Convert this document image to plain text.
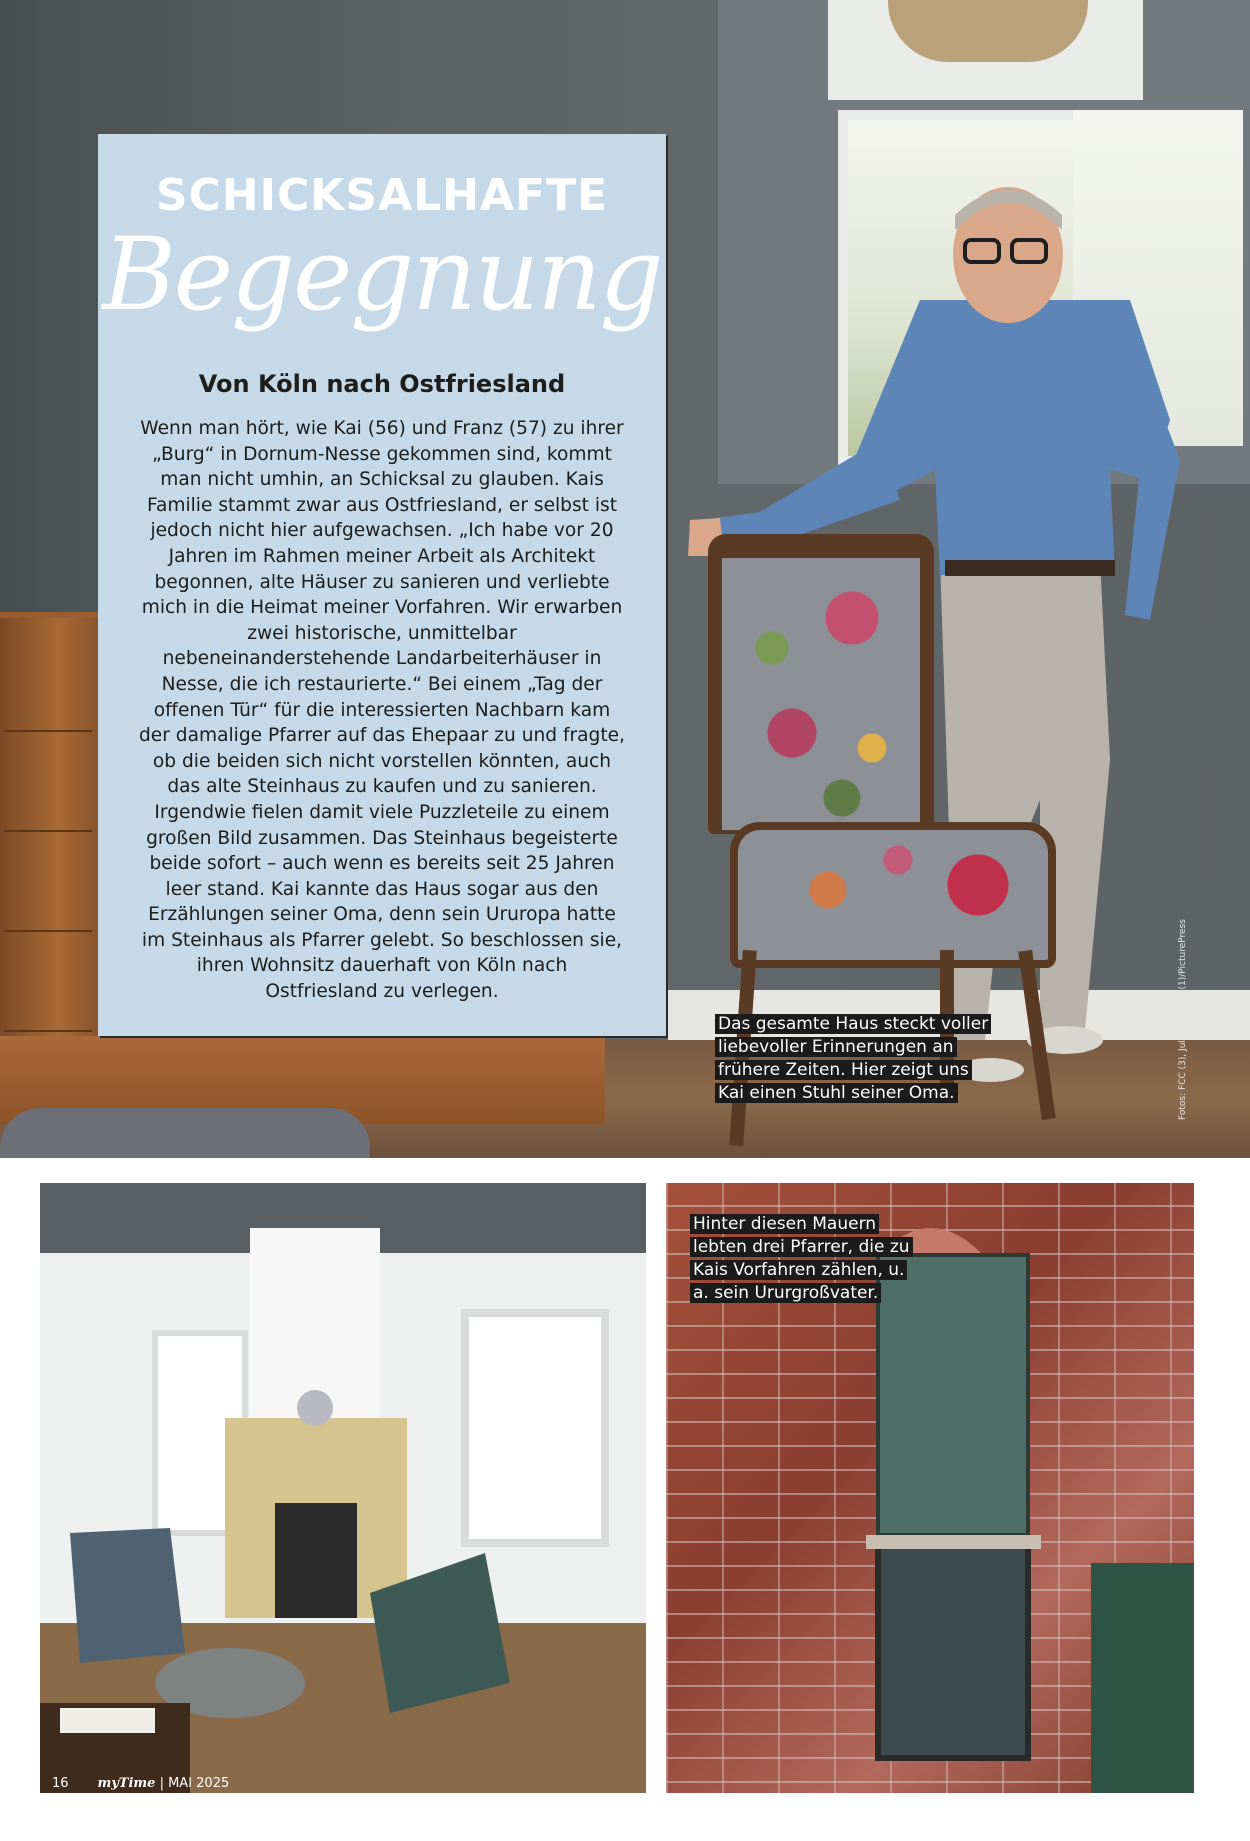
SCHICKSALHAFTE
Begegnung
Von Köln nach Ostfriesland

Wenn man hört, wie Kai (56) und Franz (57) zu ihrer „Burg“ in Dornum-Nesse gekommen sind, kommt man nicht umhin, an Schicksal zu glauben. Kais Familie stammt zwar aus Ostfriesland, er selbst ist jedoch nicht hier aufgewachsen. „Ich habe vor 20 Jahren im Rahmen meiner Arbeit als Architekt begonnen, alte Häuser zu sanieren und verliebte mich in die Heimat meiner Vorfahren. Wir erwarben zwei historische, unmittelbar nebeneinanderstehende Landarbeiterhäuser in Nesse, die ich restaurierte.“ Bei einem „Tag der offenen Tür“ für die interessierten Nachbarn kam der damalige Pfarrer auf das Ehepaar zu und fragte, ob die beiden sich nicht vorstellen könnten, auch das alte Steinhaus zu kaufen und zu sanieren. Irgendwie fielen damit viele Puzzleteile zu einem großen Bild zusammen. Das Steinhaus begeisterte beide sofort – auch wenn es bereits seit 25 Jahren leer stand. Kai kannte das Haus sogar aus den Erzählungen seiner Oma, denn sein Ururopa hatte im Steinhaus als Pfarrer gelebt. So beschlossen sie, ihren Wohnsitz dauerhaft von Köln nach Ostfriesland zu verlegen.

Das gesamte Haus steckt voller liebevoller Erinnerungen an frühere Zeiten. Hier zeigt uns Kai einen Stuhl seiner Oma.	Fotos: FCC (3), Julia Hoersch (1)/PicturePress
Hinter diesen Mauern lebten drei Pfarrer, die zu Kais Vorfahren zählen, u. a. sein Ururgroßvater.
16 myTime | MAI 2025
